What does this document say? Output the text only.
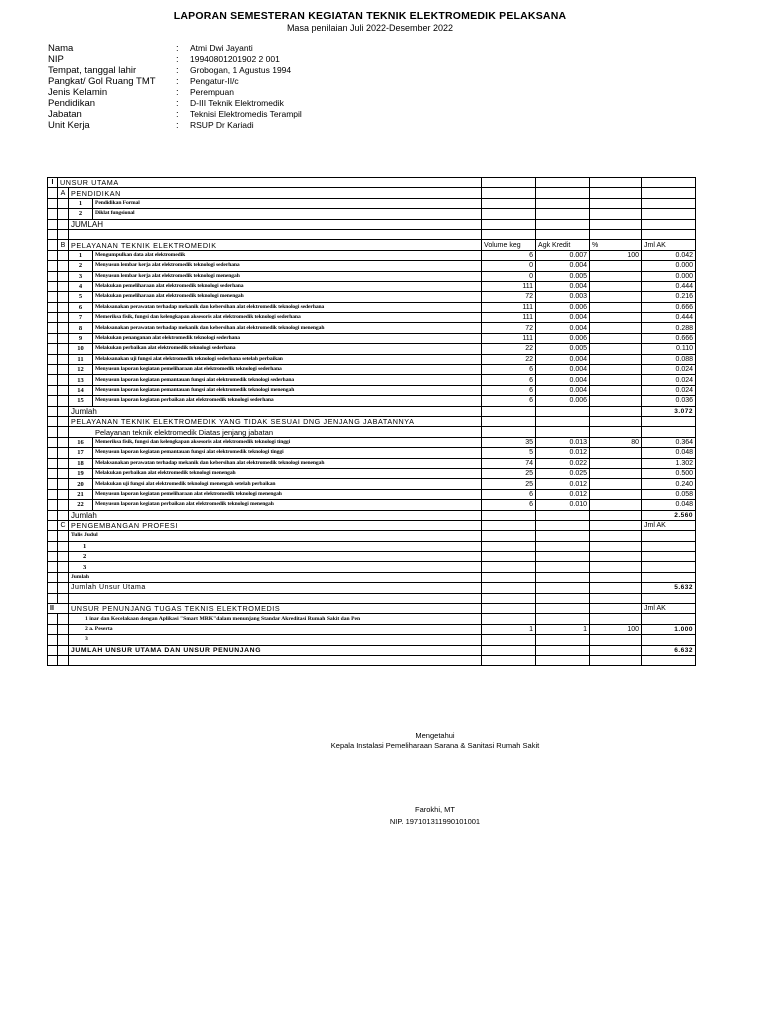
LAPORAN SEMESTERAN KEGIATAN TEKNIK ELEKTROMEDIK PELAKSANA
Masa penilaian Juli 2022-Desember 2022
Nama	:	Atmi Dwi Jayanti
NIP	:	19940801201902 2 001
Tempat, tanggal lahir	:	Grobogan, 1 Agustus 1994
Pangkat/ Gol Ruang TMT	:	Pengatur-II/c
Jenis Kelamin	:	Perempuan
Pendidikan	:	D-III Teknik Elektromedik
Jabatan	:	Teknisi Elektromedis Terampil
Unit Kerja	:	RSUP Dr Kariadi
I	UNSUR UTAMA						
	A	PENDIDIKAN					
		1	Pendidikan Formal				
		2	Diklat fungsional				
		JUMLAH					

	B	PELAYANAN TEKNIK ELEKTROMEDIK		Volume keg	Agk Kredit	%	Jml AK
		1	Mengumpulkan data alat elektromedik	6	0.007	100	0.042
		2	Menyusun lembar kerja alat elektromedik teknologi sederhana	0	0.004		0.000
		3	Menyusun lembar kerja alat elektromedik teknologi menengah	0	0.005		0.000
		4	Melakukan pemeliharaan alat elektromedik teknologi sederhana	111	0.004		0.444
		5	Melakukan pemeliharaan alat elektromedik teknologi menengah	72	0.003		0.216
		6	Melaksanakan perawatan terhadap mekanik dan kebersihan alat elektromedik teknologi sederhana	111	0.006		0.666
		7	Memeriksa fisik, fungsi dan kelengkapan aksesoris alat elektromedik teknologi sederhana	111	0.004		0.444
		8	Melaksanakan perawatan terhadap mekanik dan kebersihan alat elektromedik teknologi menengah	72	0.004		0.288
		9	Melakukan penanganan alat elektromedik teknologi sederhana	111	0.006		0.666
		10	Melakukan perbaikan alat elektromedik teknologi sederhana	22	0.005		0.110
		11	Melaksanakan uji fungsi alat elektromedik teknologi sederhana setelah perbaikan	22	0.004		0.088
		12	Menyusun laporan kegiatan pemeliharaan alat elektromedik teknologi sederhana	6	0.004		0.024
		13	Menyusun laporan kegiatan pemantauan fungsi alat elektromedik teknologi sederhana	6	0.004		0.024
		14	Menyusun laporan kegiatan pemantauan fungsi alat elektromedik teknologi menengah	6	0.004		0.024
		15	Menyusun laporan kegiatan perbaikan alat elektromedik teknologi sederhana	6	0.006		0.036
		Jumlah					3.072
		PELAYANAN TEKNIK ELEKTROMEDIK YANG TIDAK SESUAI DNG JENJANG JABATANNYA					
		Pelayanan teknik elektromedik Diatas jenjang jabatan					
		16	Memeriksa fisik, fungsi dan kelengkapan aksesoris alat elektromedik teknologi tinggi	35	0.013	80	0.364
		17	Menyusun laporan kegiatan pemantauan fungsi alat elektromedik teknologi tinggi	5	0.012		0.048
		18	Melaksanakan perawatan terhadap mekanik dan kebersihan alat elektromedik teknologi menengah	74	0.022		1.302
		19	Melakukan perbaikan alat elektromedik teknologi menengah	25	0.025		0.500
		20	Melakukan uji fungsi alat elektromedik teknologi menengah setelah perbaikan	25	0.012		0.240
		21	Menyusun laporan kegiatan pemeliharaan alat elektromedik teknologi menengah	6	0.012		0.058
		22	Menyusun laporan kegiatan perbaikan alat elektromedik teknologi menengah	6	0.010		0.048
		Jumlah					2.560
	C	PENGEMBANGAN PROFESI					Jml AK
		Tulis Judul					
		1					
		2					
		3					
		Jumlah					
		Jumlah Unsur Utama					5.632

II		UNSUR PENUNJANG TUGAS TEKNIS ELEKTROMEDIS					Jml AK
		1 inar dan Kecelakaan dengan Aplikasi "Smart MRK"dalam menunjang Standar Akreditasi Rumah Sakit dan Pen					
		2 a. Peserta		1	1	100	1.000
		3					
		JUMLAH UNSUR UTAMA DAN UNSUR PENUNJANG					6.632

Mengetahui
Kepala Instalasi Pemeliharaan Sarana & Sanitasi Rumah Sakit
Farokhi, MT
NIP. 197101311990101001
